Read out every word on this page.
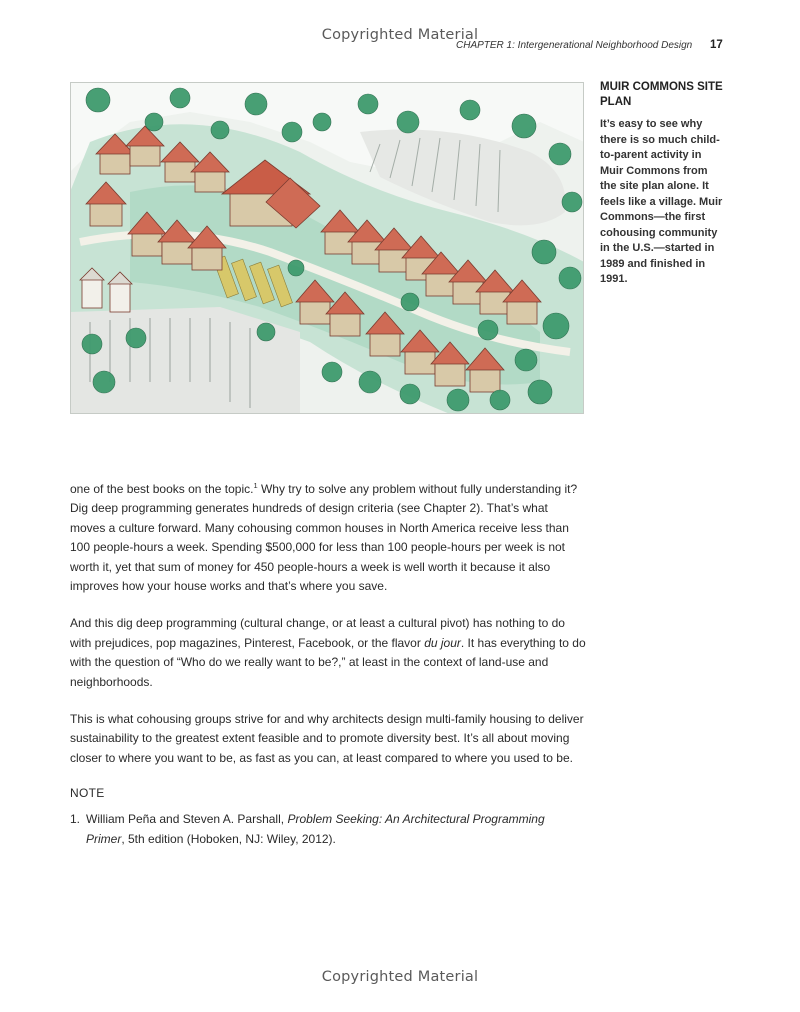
Copyrighted Material
CHAPTER 1: Intergenerational Neighborhood Design 17

MUIR COMMONS SITE PLAN

It’s easy to see why there is so much child-to-parent activity in Muir Commons from the site plan alone. It feels like a village. Muir Commons—the first cohousing community in the U.S.—started in 1989 and finished in 1991.

one of the best books on the topic.$^1$ Why try to solve any problem without fully understanding it? Dig deep programming generates hundreds of design criteria (see Chapter 2). That’s what moves a culture forward. Many cohousing common houses in North America receive less than 100 people-hours a week. Spending $500,000 for less than 100 people-hours per week is not worth it, yet that sum of money for 450 people-hours a week is well worth it because it also improves how your house works and that’s where you save.

And this dig deep programming (cultural change, or at least a cultural pivot) has nothing to do with prejudices, pop magazines, Pinterest, Facebook, or the flavor du jour. It has everything to do with the question of “Who do we really want to be?,” at least in the context of land-use and neighborhoods.

This is what cohousing groups strive for and why architects design multi-family housing to deliver sustainability to the greatest extent feasible and to promote diversity best. It’s all about moving closer to where you want to be, as fast as you can, at least compared to where you used to be.

NOTE
1. William Peña and Steven A. Parshall, Problem Seeking: An Architectural Programming Primer, 5th edition (Hoboken, NJ: Wiley, 2012).
Copyrighted Material
